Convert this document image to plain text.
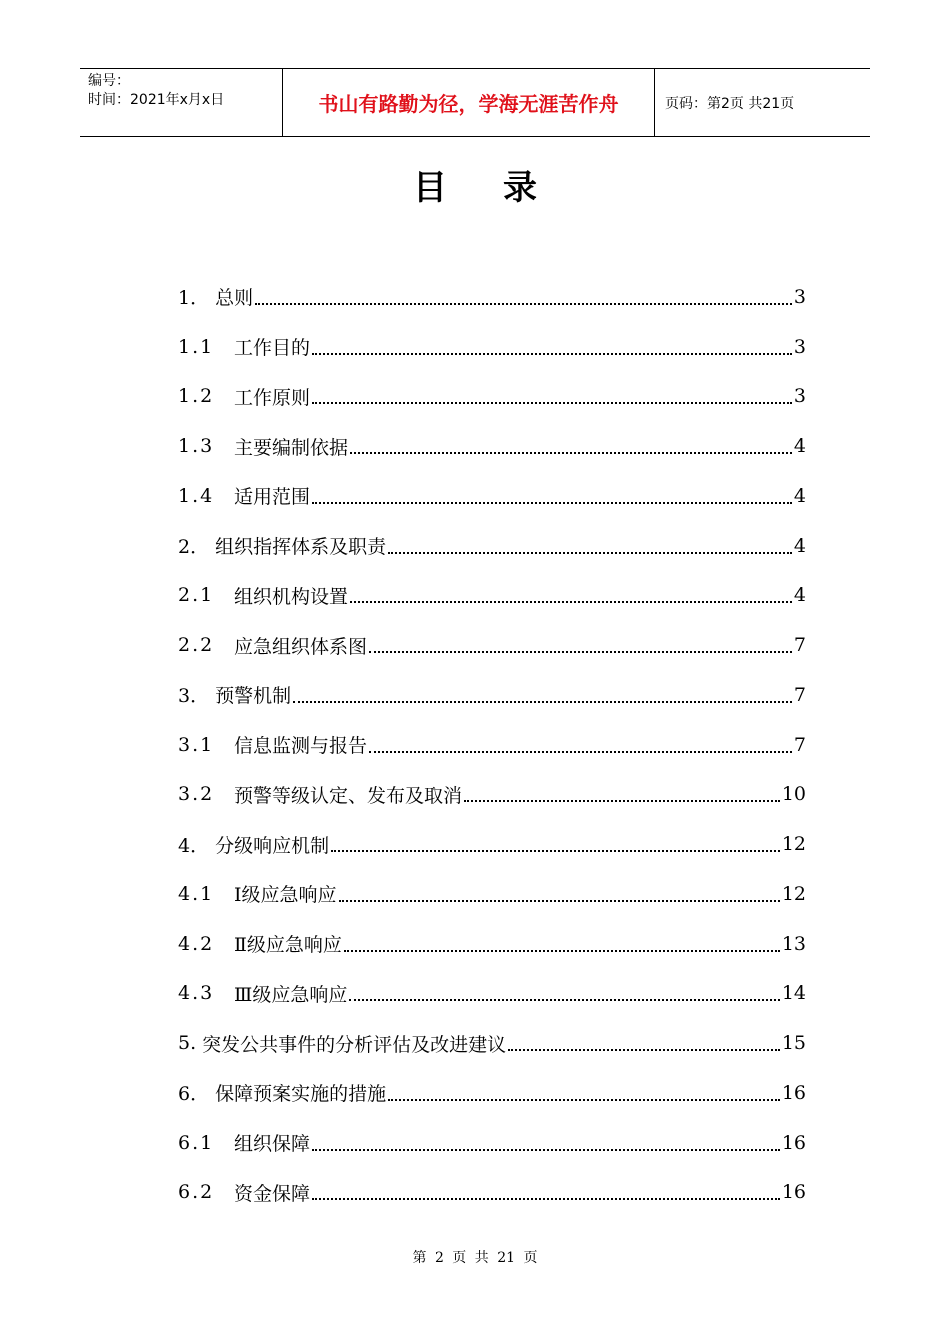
编号：
时间：2021年x月x日	书山有路勤为径，学海无涯苦作舟	页码：第2页 共21页
目录
1． 总则	3
1.1	工作目的	3
1.2	工作原则	3
1.3	主要编制依据	4
1.4	适用范围	4
2． 组织指挥体系及职责	4
2.1	组织机构设置	4
2.2	应急组织体系图	7
3． 预警机制	7
3.1	信息监测与报告	7
3.2	预警等级认定、发布及取消	10
4． 分级响应机制	12
4.1	Ⅰ级应急响应	12
4.2	Ⅱ级应急响应	13
4.3	Ⅲ级应急响应	14
5. 突发公共事件的分析评估及改进建议	15
6． 保障预案实施的措施	16
6.1	组织保障	16
6.2	资金保障	16
第 2 页 共 21 页
